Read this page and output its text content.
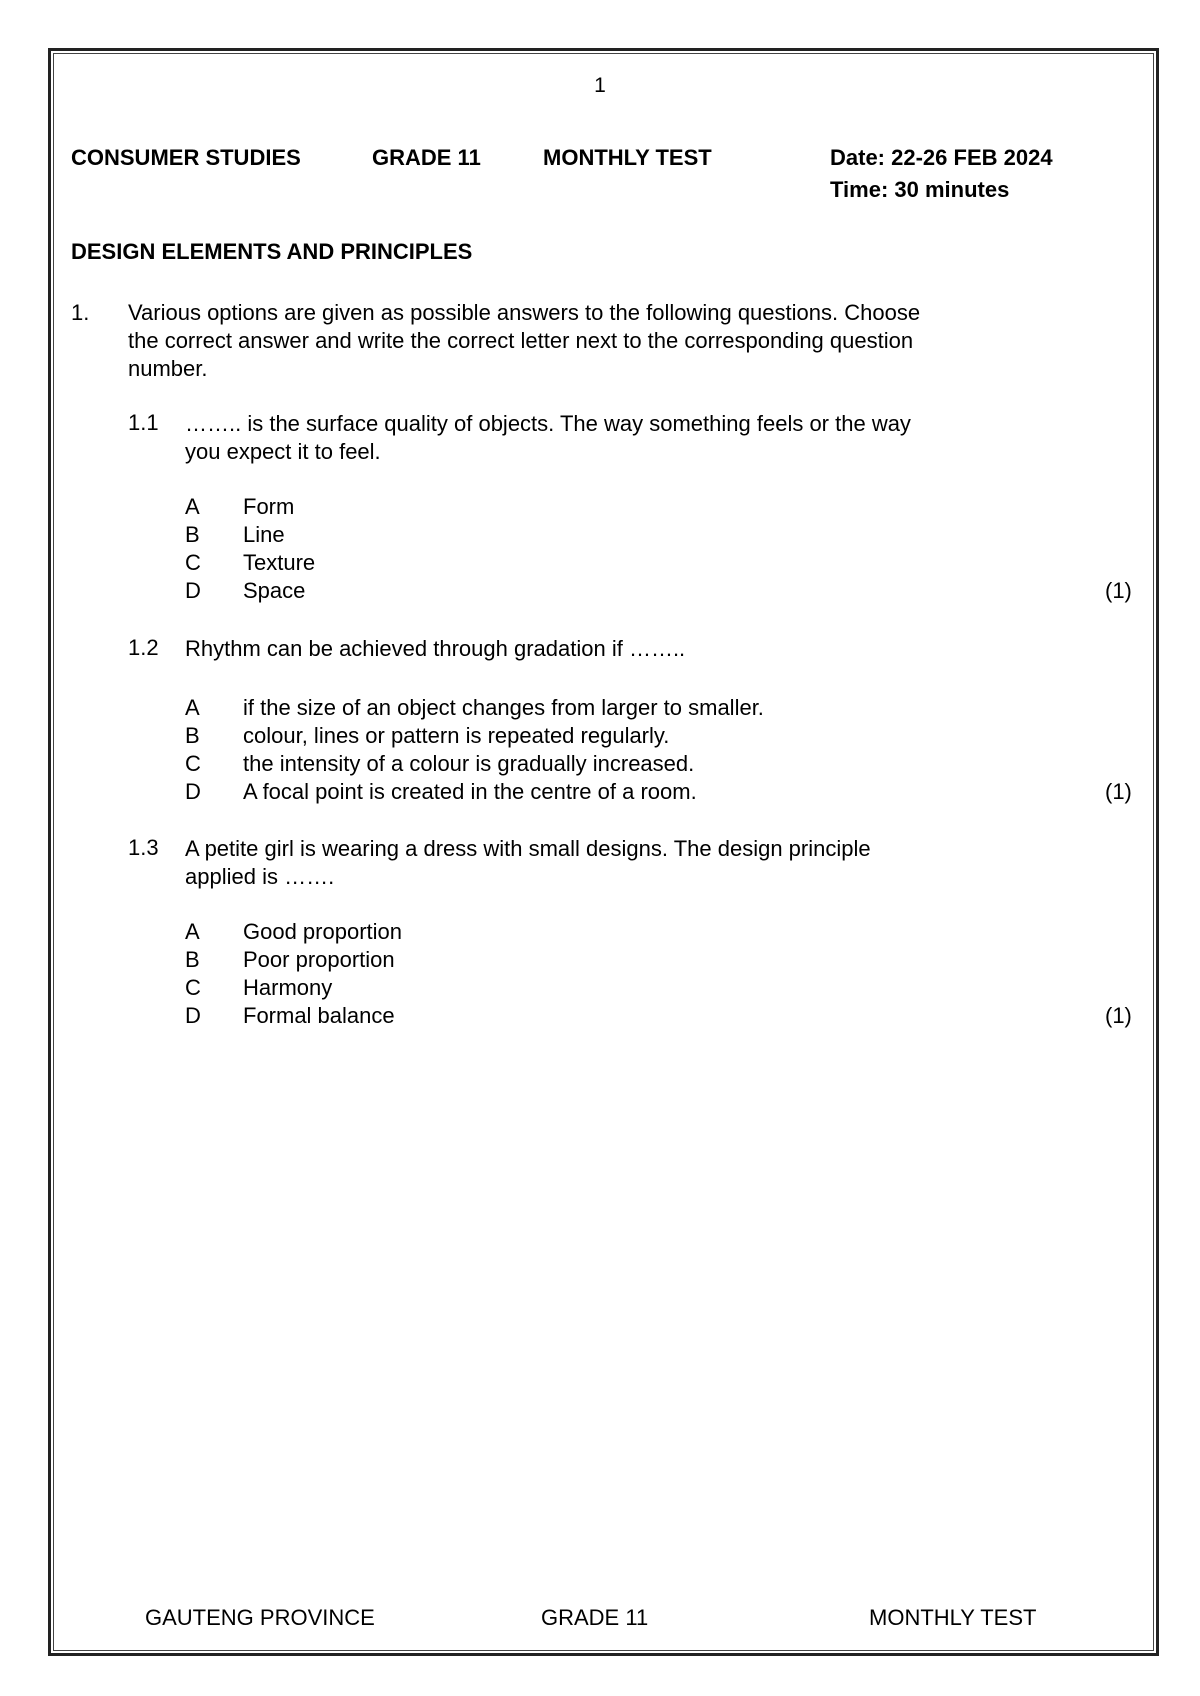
1
CONSUMER STUDIES	GRADE 11	MONTHLY TEST	Date: 22-26 FEB 2024
Time: 30 minutes
DESIGN ELEMENTS AND PRINCIPLES
1. Various options are given as possible answers to the following questions. Choose
the correct answer and write the correct letter next to the corresponding question
number.
1.1 …….. is the surface quality of objects. The way something feels or the way
you expect it to feel.
A Form
B Line
C Texture
D Space	(1)
1.2 Rhythm can be achieved through gradation if ……..
A if the size of an object changes from larger to smaller.
B colour, lines or pattern is repeated regularly.
C the intensity of a colour is gradually increased.
D A focal point is created in the centre of a room.	(1)
1.3 A petite girl is wearing a dress with small designs. The design principle
applied is …….
A Good proportion
B Poor proportion
C Harmony
D Formal balance	(1)
GAUTENG PROVINCE	GRADE 11	MONTHLY TEST
